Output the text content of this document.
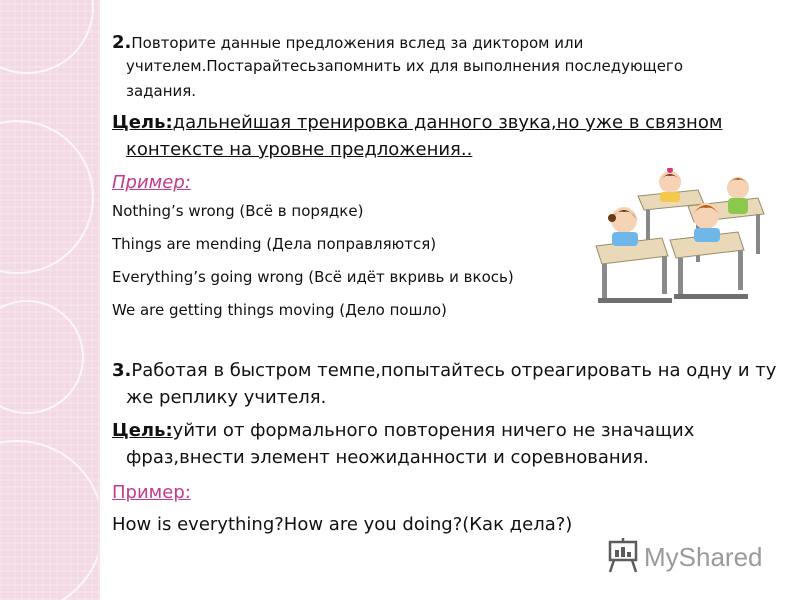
2.Повторите данные предложения вслед за диктором или
учителем.Постарайтесьзапомнить их для выполнения последующего
задания.
Цель:дальнейшая тренировка данного звука,но уже в связном
контексте на уровне предложения..
Пример:
Nothing’s wrong (Всё в порядке)
Things are mending (Дела поправляются)
Everything’s going wrong (Всё идёт вкривь и вкось)
We are getting things moving (Дело пошло)
3.Работая в быстром темпе,попытайтесь отреагировать на одну и ту
же реплику учителя.
Цель:уйти от формального повторения ничего не значащих
фраз,внести элемент неожиданности и соревнования.
Пример:
How is everything?How are you doing?(Как дела?)
MyShared
